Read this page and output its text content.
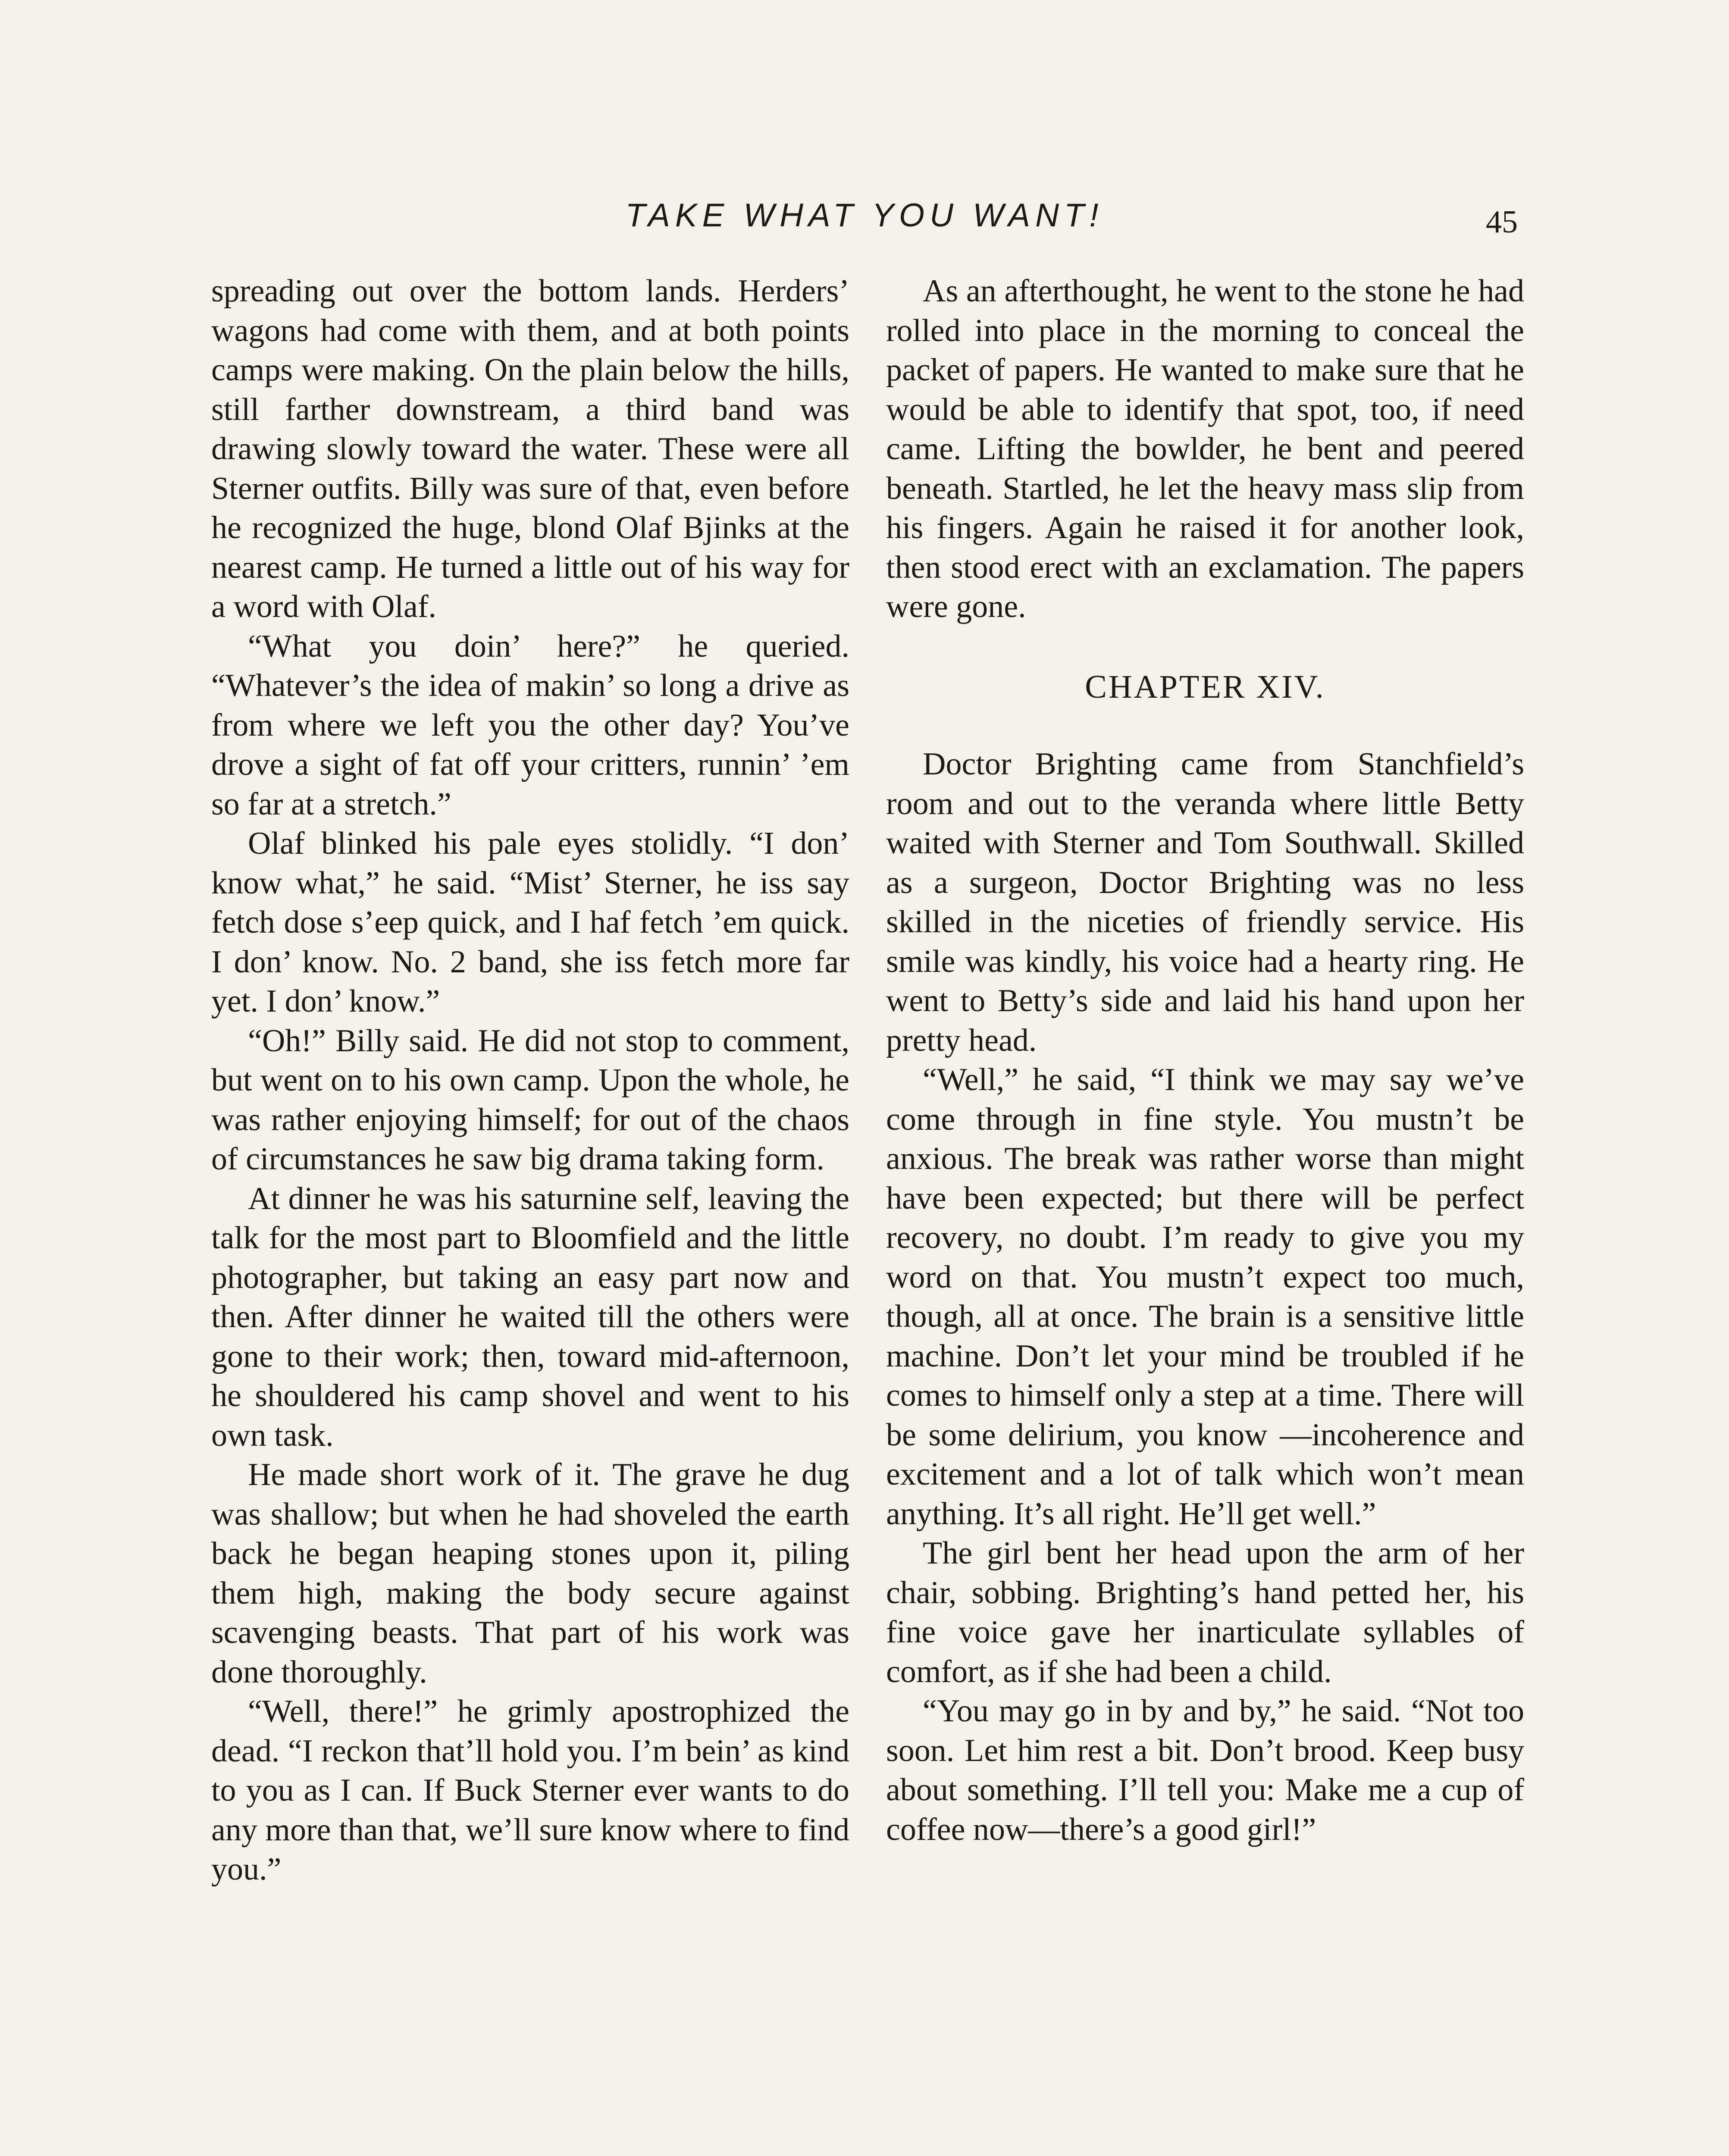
TAKE WHAT YOU WANT!	45

spreading out over the bottom lands. Herders’ wagons had come with them, and at both points camps were making. On the plain below the hills, still farther downstream, a third band was drawing slowly toward the water. These were all Sterner outfits. Billy was sure of that, even before he recognized the huge, blond Olaf Bjinks at the nearest camp. He turned a little out of his way for a word with Olaf.

“What you doin’ here?” he queried. “Whatever’s the idea of makin’ so long a drive as from where we left you the other day? You’ve drove a sight of fat off your critters, runnin’ ’em so far at a stretch.”

Olaf blinked his pale eyes stolidly. “I don’ know what,” he said. “Mist’ Sterner, he iss say fetch dose s’eep quick, and I haf fetch ’em quick. I don’ know. No. 2 band, she iss fetch more far yet. I don’ know.”

“Oh!” Billy said. He did not stop to comment, but went on to his own camp. Upon the whole, he was rather enjoying himself; for out of the chaos of circumstances he saw big drama taking form.

At dinner he was his saturnine self, leaving the talk for the most part to Bloomfield and the little photographer, but taking an easy part now and then. After dinner he waited till the others were gone to their work; then, toward mid-afternoon, he shouldered his camp shovel and went to his own task.

He made short work of it. The grave he dug was shallow; but when he had shoveled the earth back he began heaping stones upon it, piling them high, making the body secure against scavenging beasts. That part of his work was done thoroughly.

“Well, there!” he grimly apostrophized the dead. “I reckon that’ll hold you. I’m bein’ as kind to you as I can. If Buck Sterner ever wants to do any more than that, we’ll sure know where to find you.”

As an afterthought, he went to the stone he had rolled into place in the morning to conceal the packet of papers. He wanted to make sure that he would be able to identify that spot, too, if need came. Lifting the bowlder, he bent and peered beneath. Startled, he let the heavy mass slip from his fingers. Again he raised it for another look, then stood erect with an exclamation. The papers were gone.

CHAPTER XIV.

Doctor Brighting came from Stanchfield’s room and out to the veranda where little Betty waited with Sterner and Tom Southwall. Skilled as a surgeon, Doctor Brighting was no less skilled in the niceties of friendly service. His smile was kindly, his voice had a hearty ring. He went to Betty’s side and laid his hand upon her pretty head.

“Well,” he said, “I think we may say we’ve come through in fine style. You mustn’t be anxious. The break was rather worse than might have been expected; but there will be perfect recovery, no doubt. I’m ready to give you my word on that. You mustn’t expect too much, though, all at once. The brain is a sensitive little machine. Don’t let your mind be troubled if he comes to himself only a step at a time. There will be some delirium, you know —incoherence and excitement and a lot of talk which won’t mean anything. It’s all right. He’ll get well.”

The girl bent her head upon the arm of her chair, sobbing. Brighting’s hand petted her, his fine voice gave her inarticulate syllables of comfort, as if she had been a child.

“You may go in by and by,” he said. “Not too soon. Let him rest a bit. Don’t brood. Keep busy about something. I’ll tell you: Make me a cup of coffee now—there’s a good girl!”
